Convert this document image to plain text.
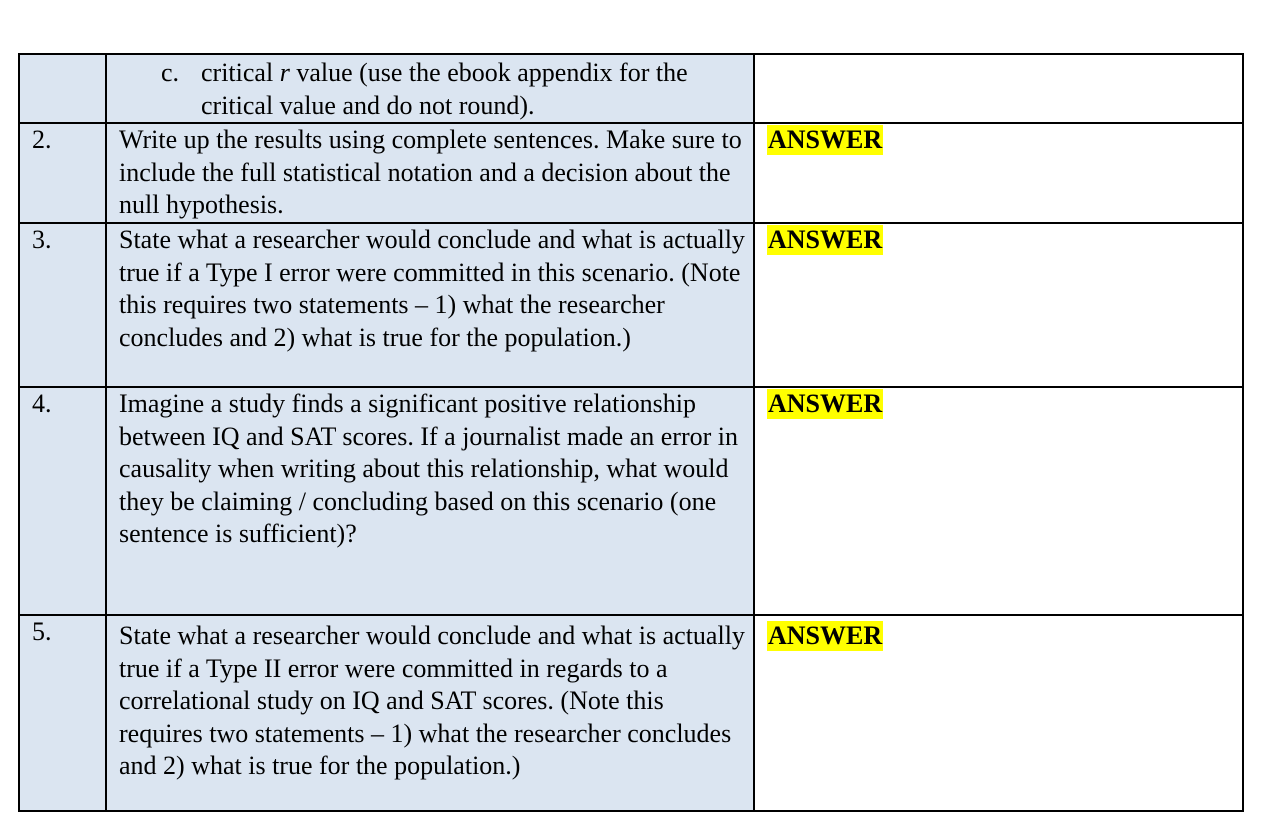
	c. critical r value (use the ebook appendix for the critical value and do not round).	

2.	Write up the results using complete sentences. Make sure to include the full statistical notation and a decision about the null hypothesis.	ANSWER
3.	State what a researcher would conclude and what is actually true if a Type I error were committed in this scenario. (Note this requires two statements – 1) what the researcher concludes and 2) what is true for the population.)	ANSWER
4.	Imagine a study finds a significant positive relationship between IQ and SAT scores. If a journalist made an error in causality when writing about this relationship, what would they be claiming / concluding based on this scenario (one sentence is sufficient)?	ANSWER
5.	State what a researcher would conclude and what is actually true if a Type II error were committed in regards to a correlational study on IQ and SAT scores. (Note this requires two statements – 1) what the researcher concludes and 2) what is true for the population.)	ANSWER
